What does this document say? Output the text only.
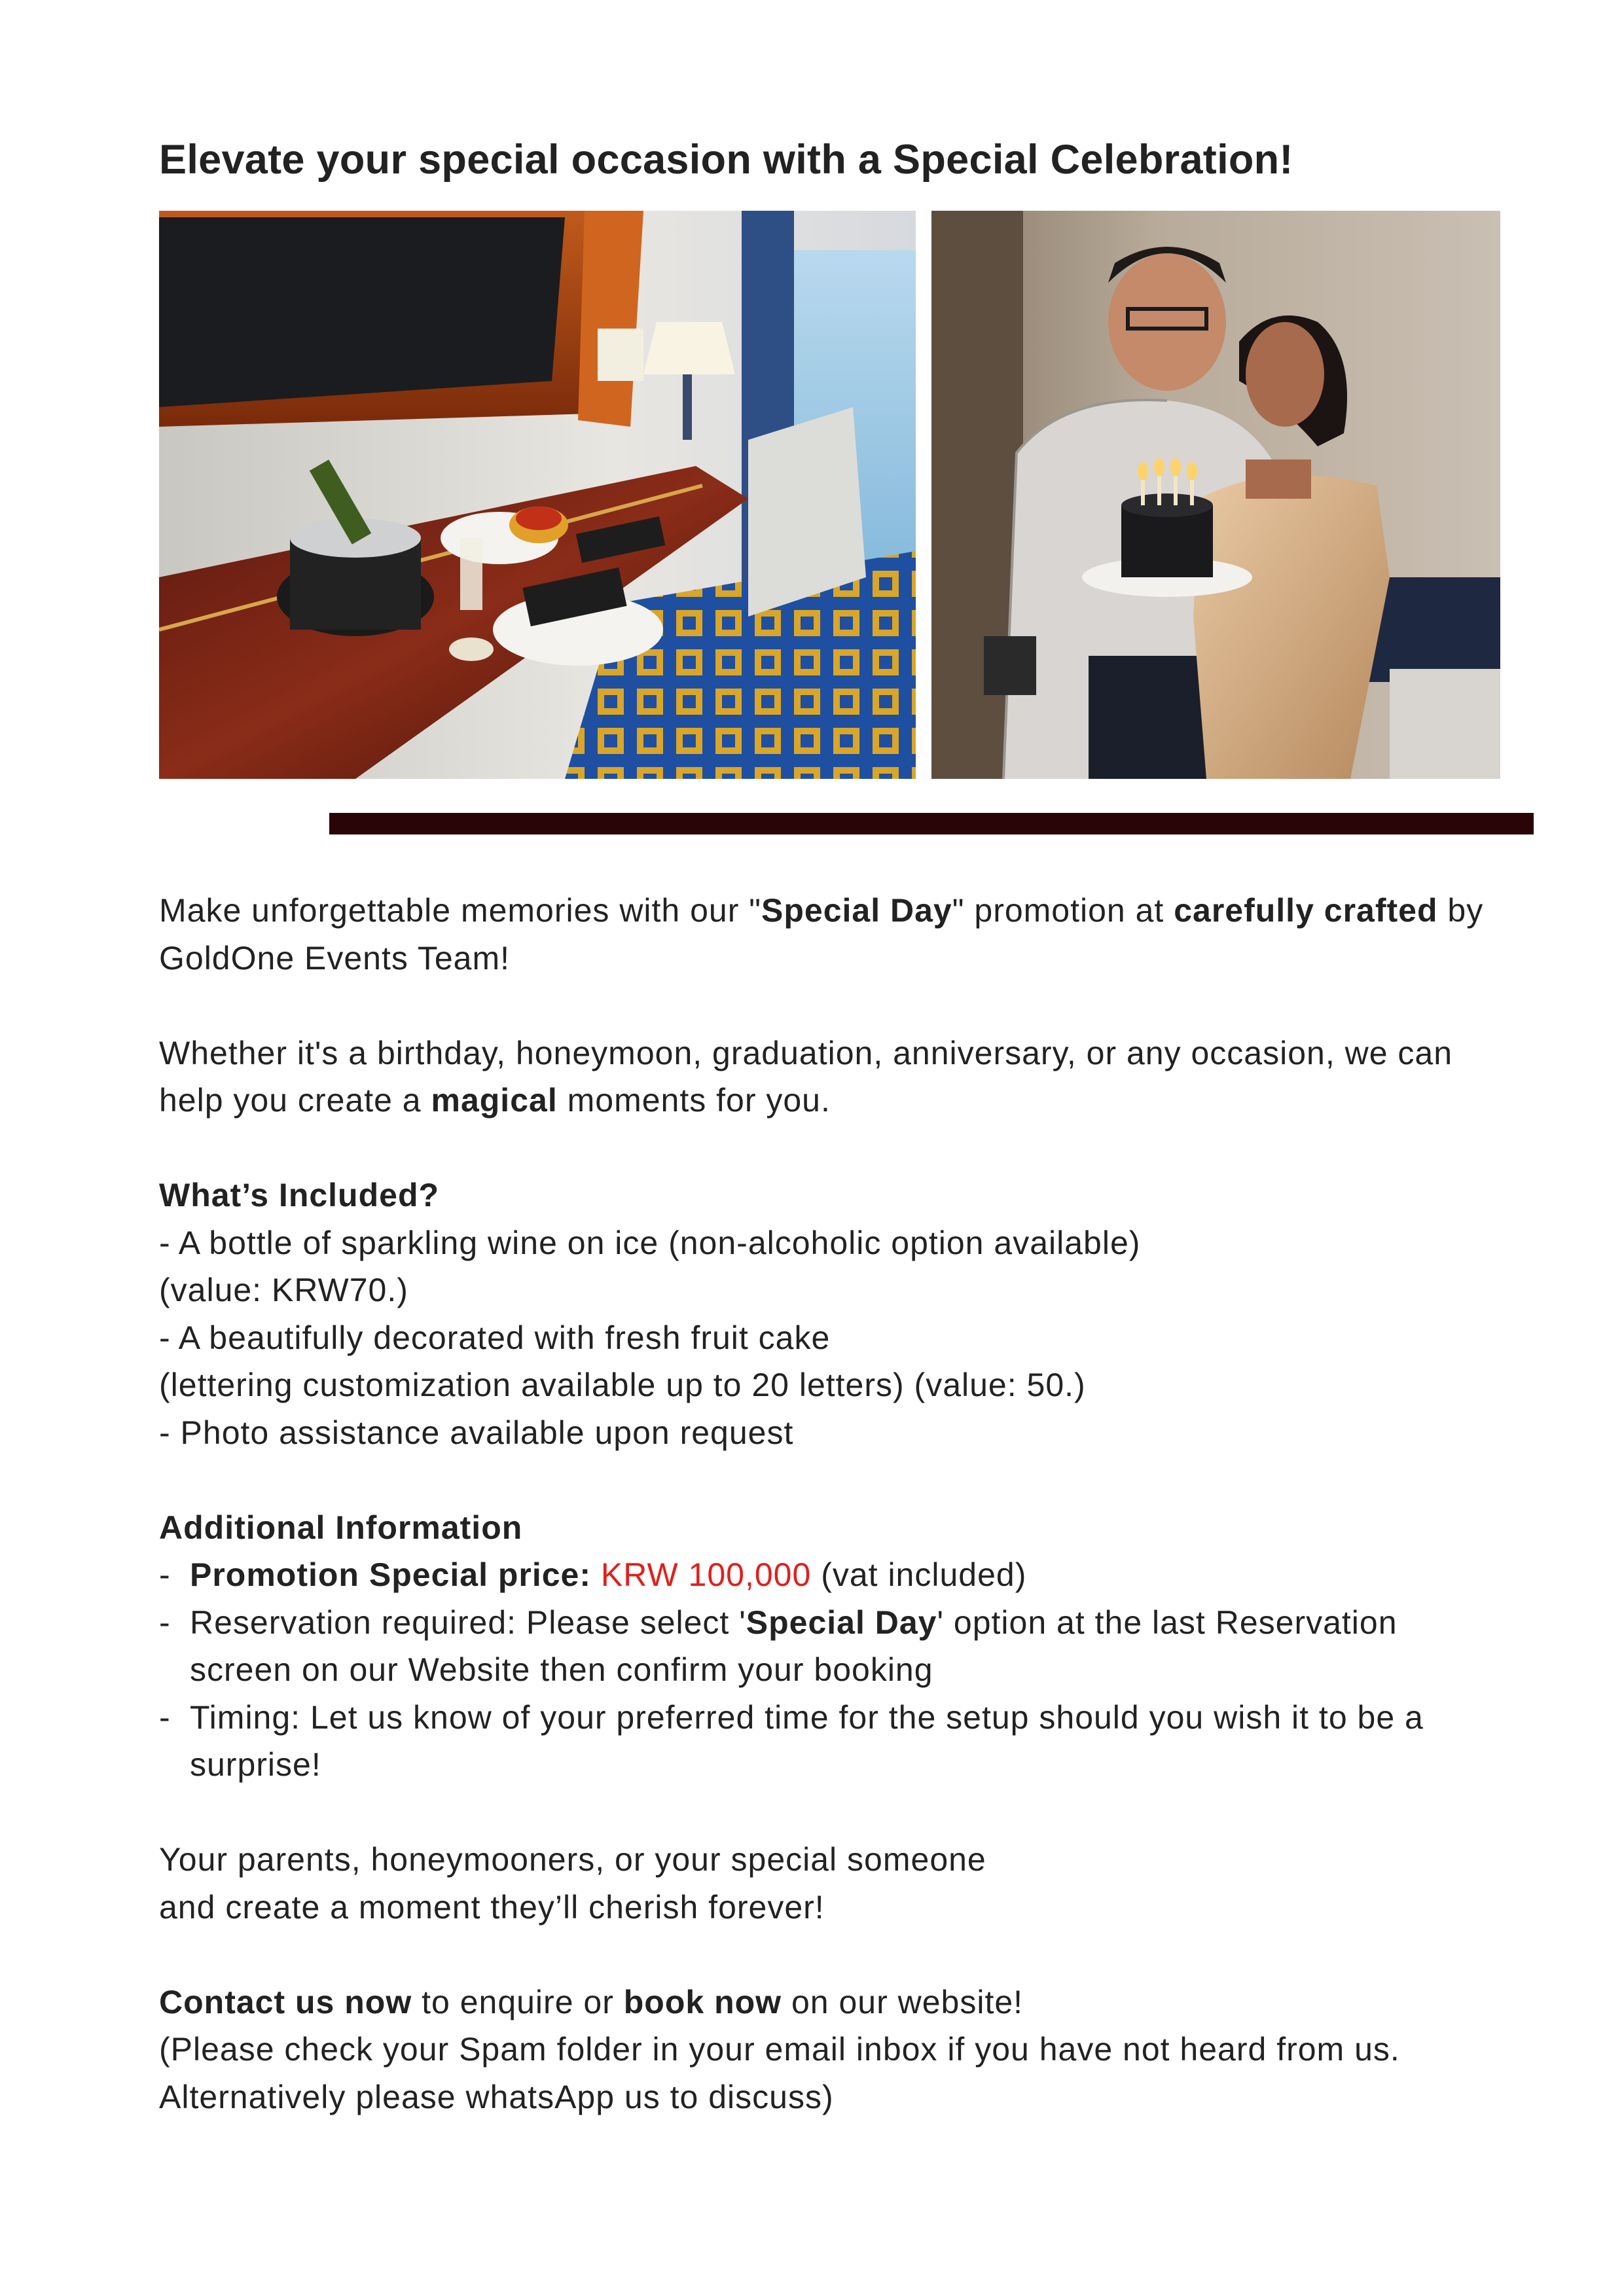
Elevate your special occasion with a Special Celebration!

Make unforgettable memories with our "Special Day" promotion at carefully crafted by GoldOne Events Team!

Whether it's a birthday, honeymoon, graduation, anniversary, or any occasion, we can help you create a magical moments for you.

What’s Included?

- A bottle of sparkling wine on ice (non-alcoholic option available)

(value: KRW70.)

- A beautifully decorated with fresh fruit cake

(lettering customization available up to 20 letters) (value: 50.)

- Photo assistance available upon request

Additional Information

- Promotion Special price: KRW 100,000 (vat included)

- Reservation required: Please select 'Special Day' option at the last Reservation screen on our Website then confirm your booking

- Timing: Let us know of your preferred time for the setup should you wish it to be a surprise!

Your parents, honeymooners, or your special someone

and create a moment they’ll cherish forever!

Contact us now to enquire or book now on our website!

(Please check your Spam folder in your email inbox if you have not heard from us. Alternatively please whatsApp us to discuss)
